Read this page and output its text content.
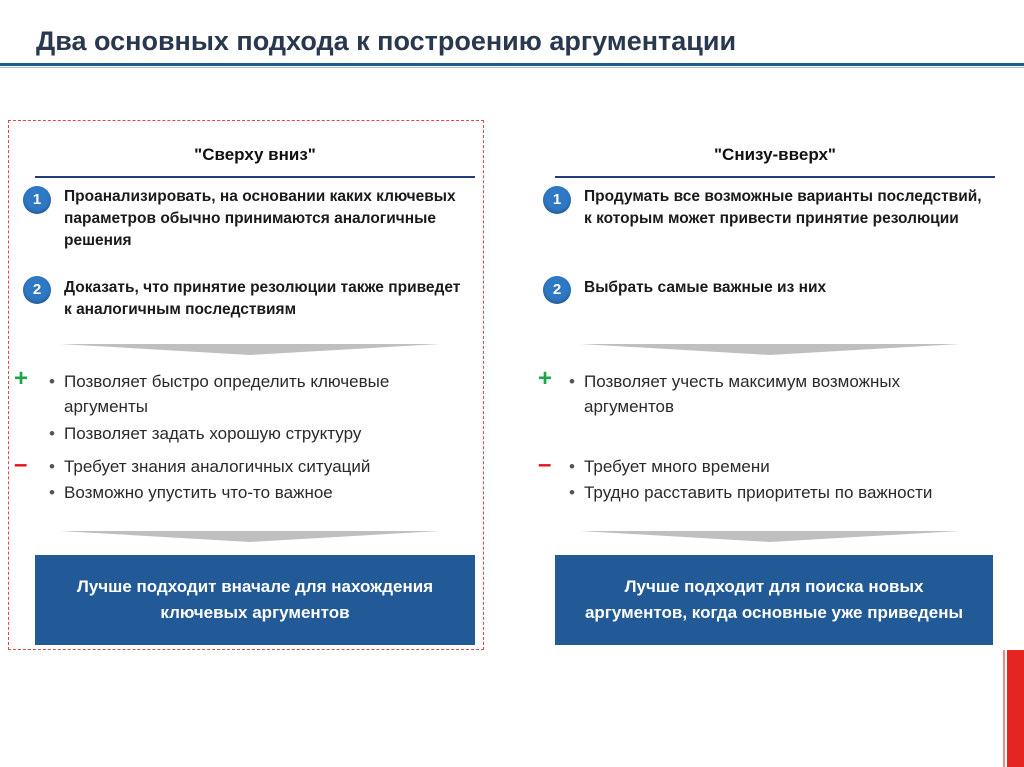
Два основных подхода к построению аргументации
"Сверху вниз"
1	Проанализировать, на основании каких ключевых параметров обычно принимаются аналогичные решения
2	Доказать, что принятие резолюции также приведет к аналогичным последствиям
+ • Позволяет быстро определить ключевые аргументы
• Позволяет задать хорошую структуру
– • Требует знания аналогичных ситуаций
• Возможно упустить что-то важное
Лучше подходит вначале для нахождения ключевых аргументов
"Снизу-вверх"
1	Продумать все возможные варианты последствий, к которым может привести принятие резолюции
2	Выбрать самые важные из них
+ • Позволяет учесть максимум возможных аргументов
– • Требует много времени
• Трудно расставить приоритеты по важности
Лучше подходит для поиска новых аргументов, когда основные уже приведены
